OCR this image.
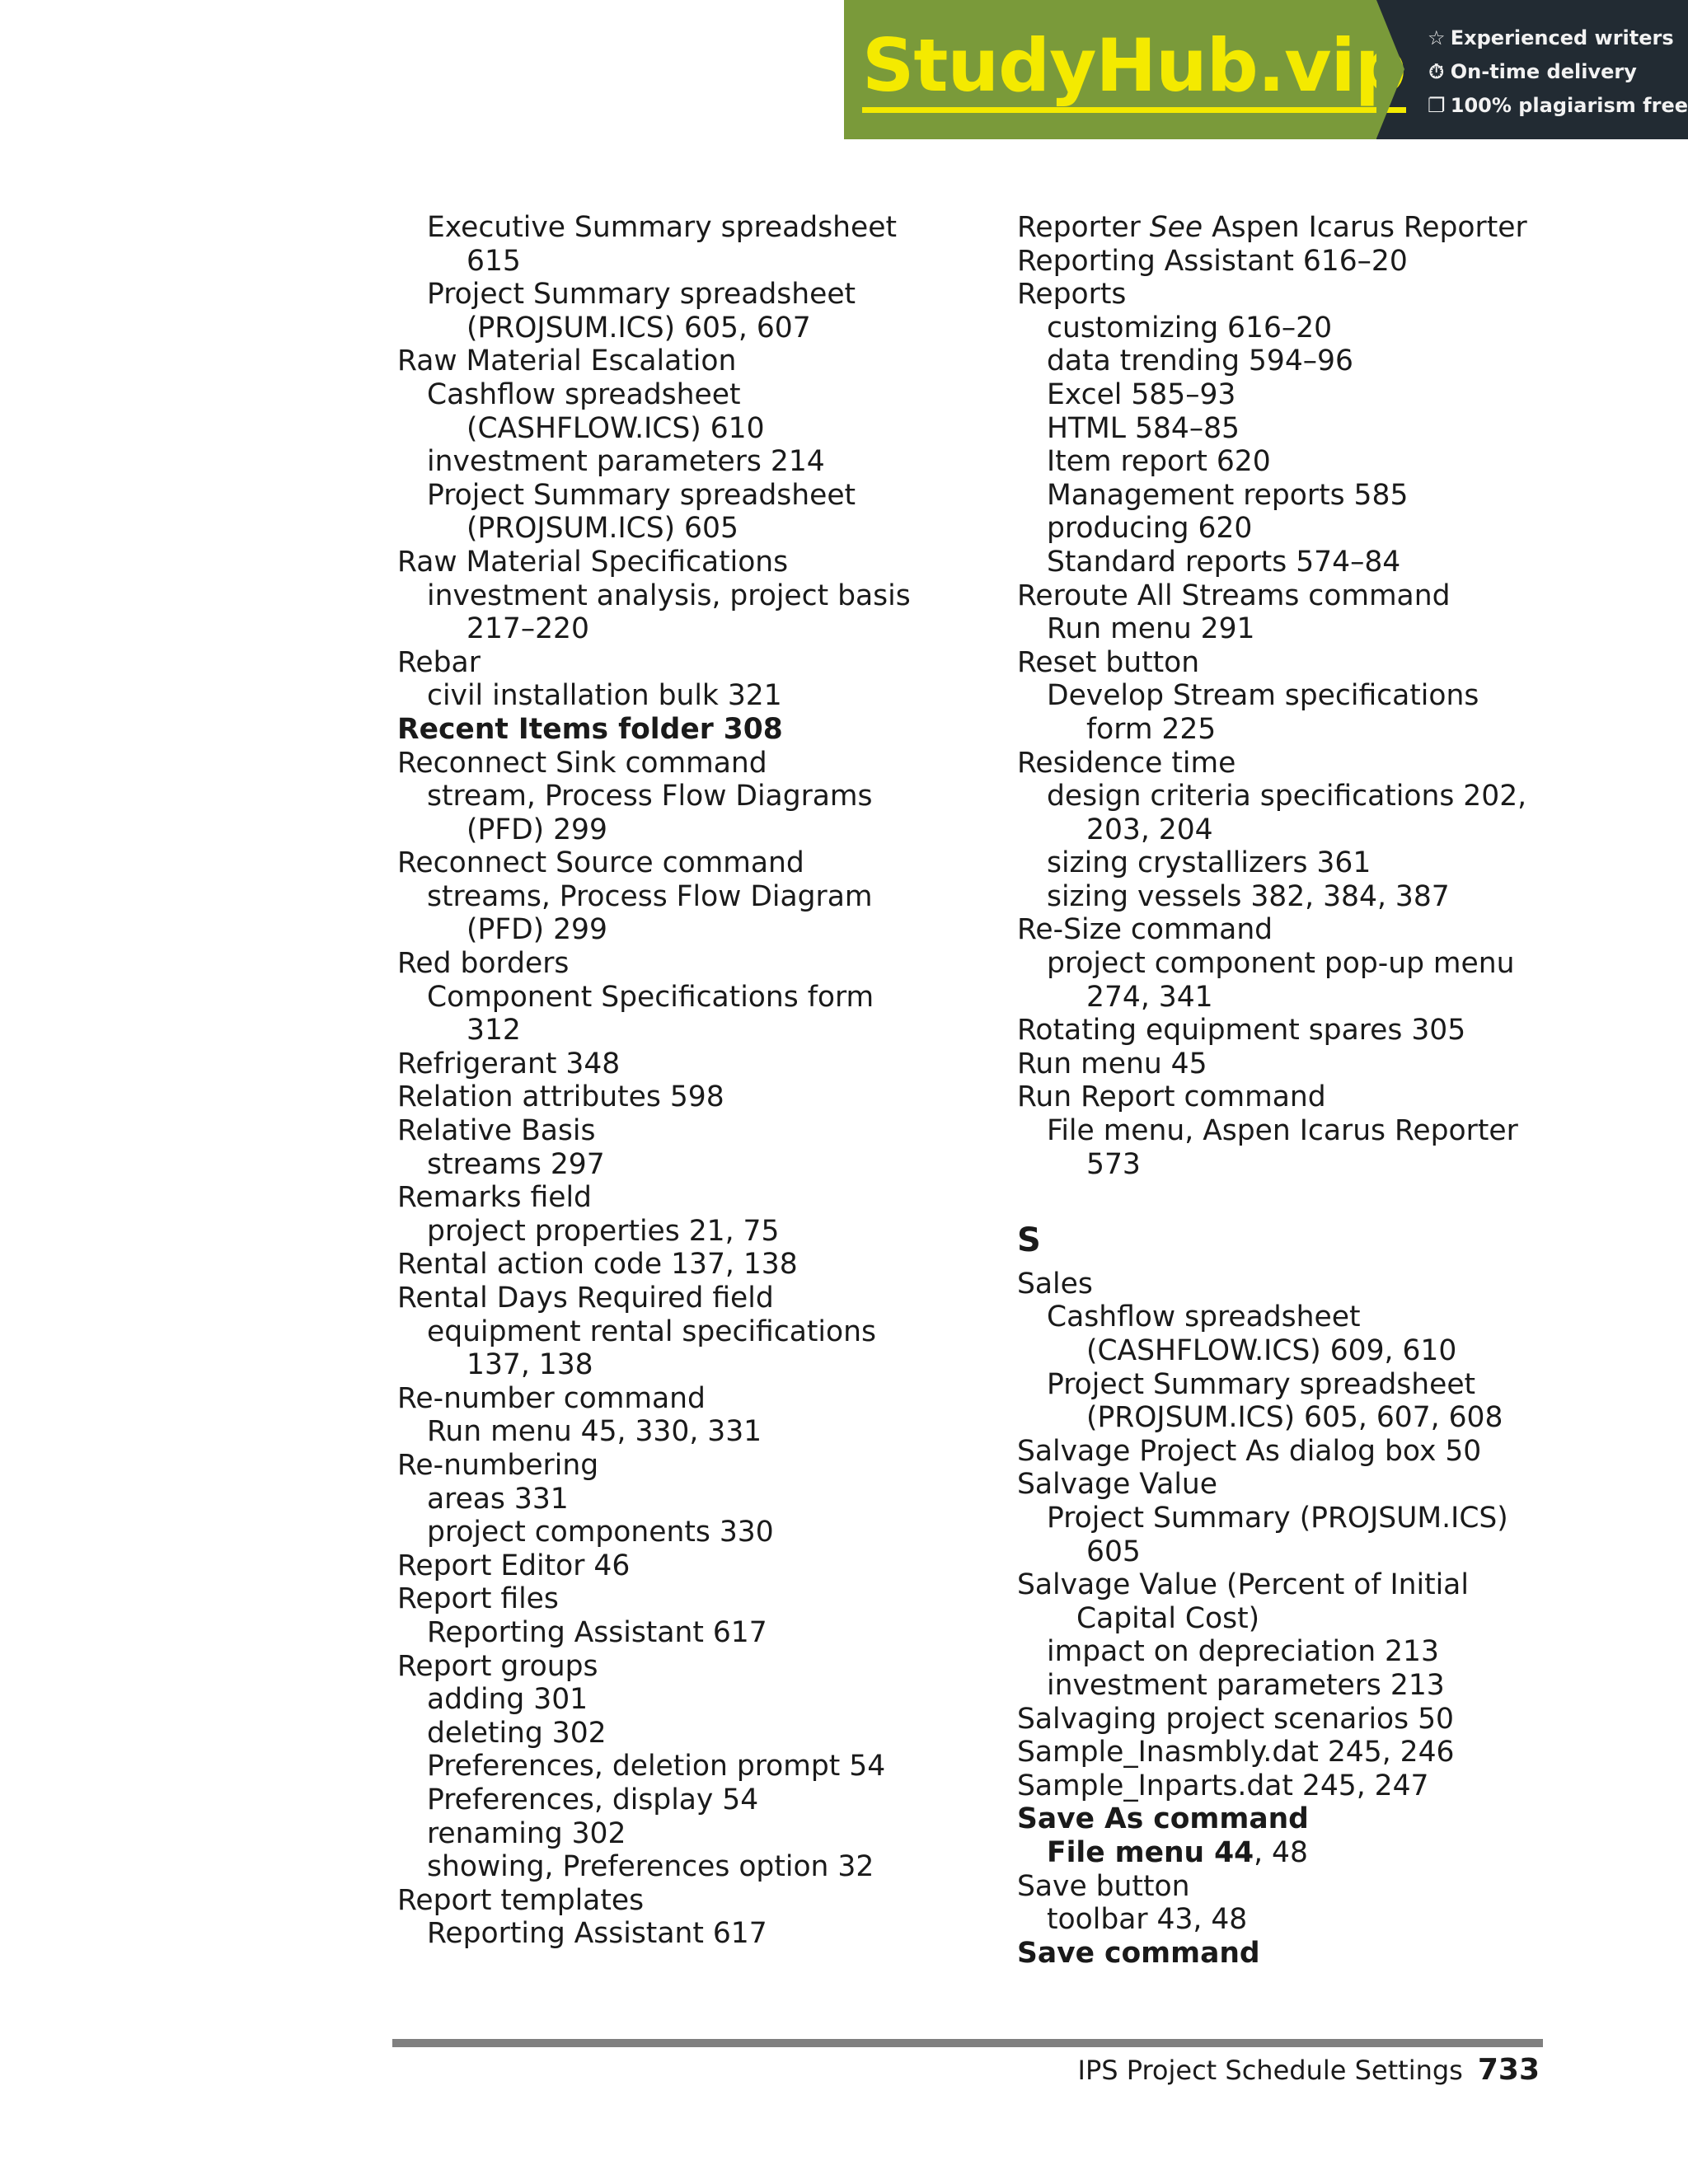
StudyHub.vip ☆ Experienced writers
⏱ On-time delivery
❐ 100% plagiarism free
Executive Summary spreadsheet
615
Project Summary spreadsheet
(PROJSUM.ICS) 605, 607
Raw Material Escalation
Cashflow spreadsheet
(CASHFLOW.ICS) 610
investment parameters 214
Project Summary spreadsheet
(PROJSUM.ICS) 605
Raw Material Specifications
investment analysis, project basis
217–220
Rebar
civil installation bulk 321
Recent Items folder 308
Reconnect Sink command
stream, Process Flow Diagrams
(PFD) 299
Reconnect Source command
streams, Process Flow Diagram
(PFD) 299
Red borders
Component Specifications form
312
Refrigerant 348
Relation attributes 598
Relative Basis
streams 297
Remarks field
project properties 21, 75
Rental action code 137, 138
Rental Days Required field
equipment rental specifications
137, 138
Re-number command
Run menu 45, 330, 331
Re-numbering
areas 331
project components 330
Report Editor 46
Report files
Reporting Assistant 617
Report groups
adding 301
deleting 302
Preferences, deletion prompt 54
Preferences, display 54
renaming 302
showing, Preferences option 32
Report templates
Reporting Assistant 617
Reporter See Aspen Icarus Reporter
Reporting Assistant 616–20
Reports
customizing 616–20
data trending 594–96
Excel 585–93
HTML 584–85
Item report 620
Management reports 585
producing 620
Standard reports 574–84
Reroute All Streams command
Run menu 291
Reset button
Develop Stream specifications
form 225
Residence time
design criteria specifications 202,
203, 204
sizing crystallizers 361
sizing vessels 382, 384, 387
Re-Size command
project component pop-up menu
274, 341
Rotating equipment spares 305
Run menu 45
Run Report command
File menu, Aspen Icarus Reporter
573
S
Sales
Cashflow spreadsheet
(CASHFLOW.ICS) 609, 610
Project Summary spreadsheet
(PROJSUM.ICS) 605, 607, 608
Salvage Project As dialog box 50
Salvage Value
Project Summary (PROJSUM.ICS)
605
Salvage Value (Percent of Initial
Capital Cost)
impact on depreciation 213
investment parameters 213
Salvaging project scenarios 50
Sample_Inasmbly.dat 245, 246
Sample_Inparts.dat 245, 247
Save As command
File menu 44, 48
Save button
toolbar 43, 48
Save command
IPS Project Schedule Settings 733
